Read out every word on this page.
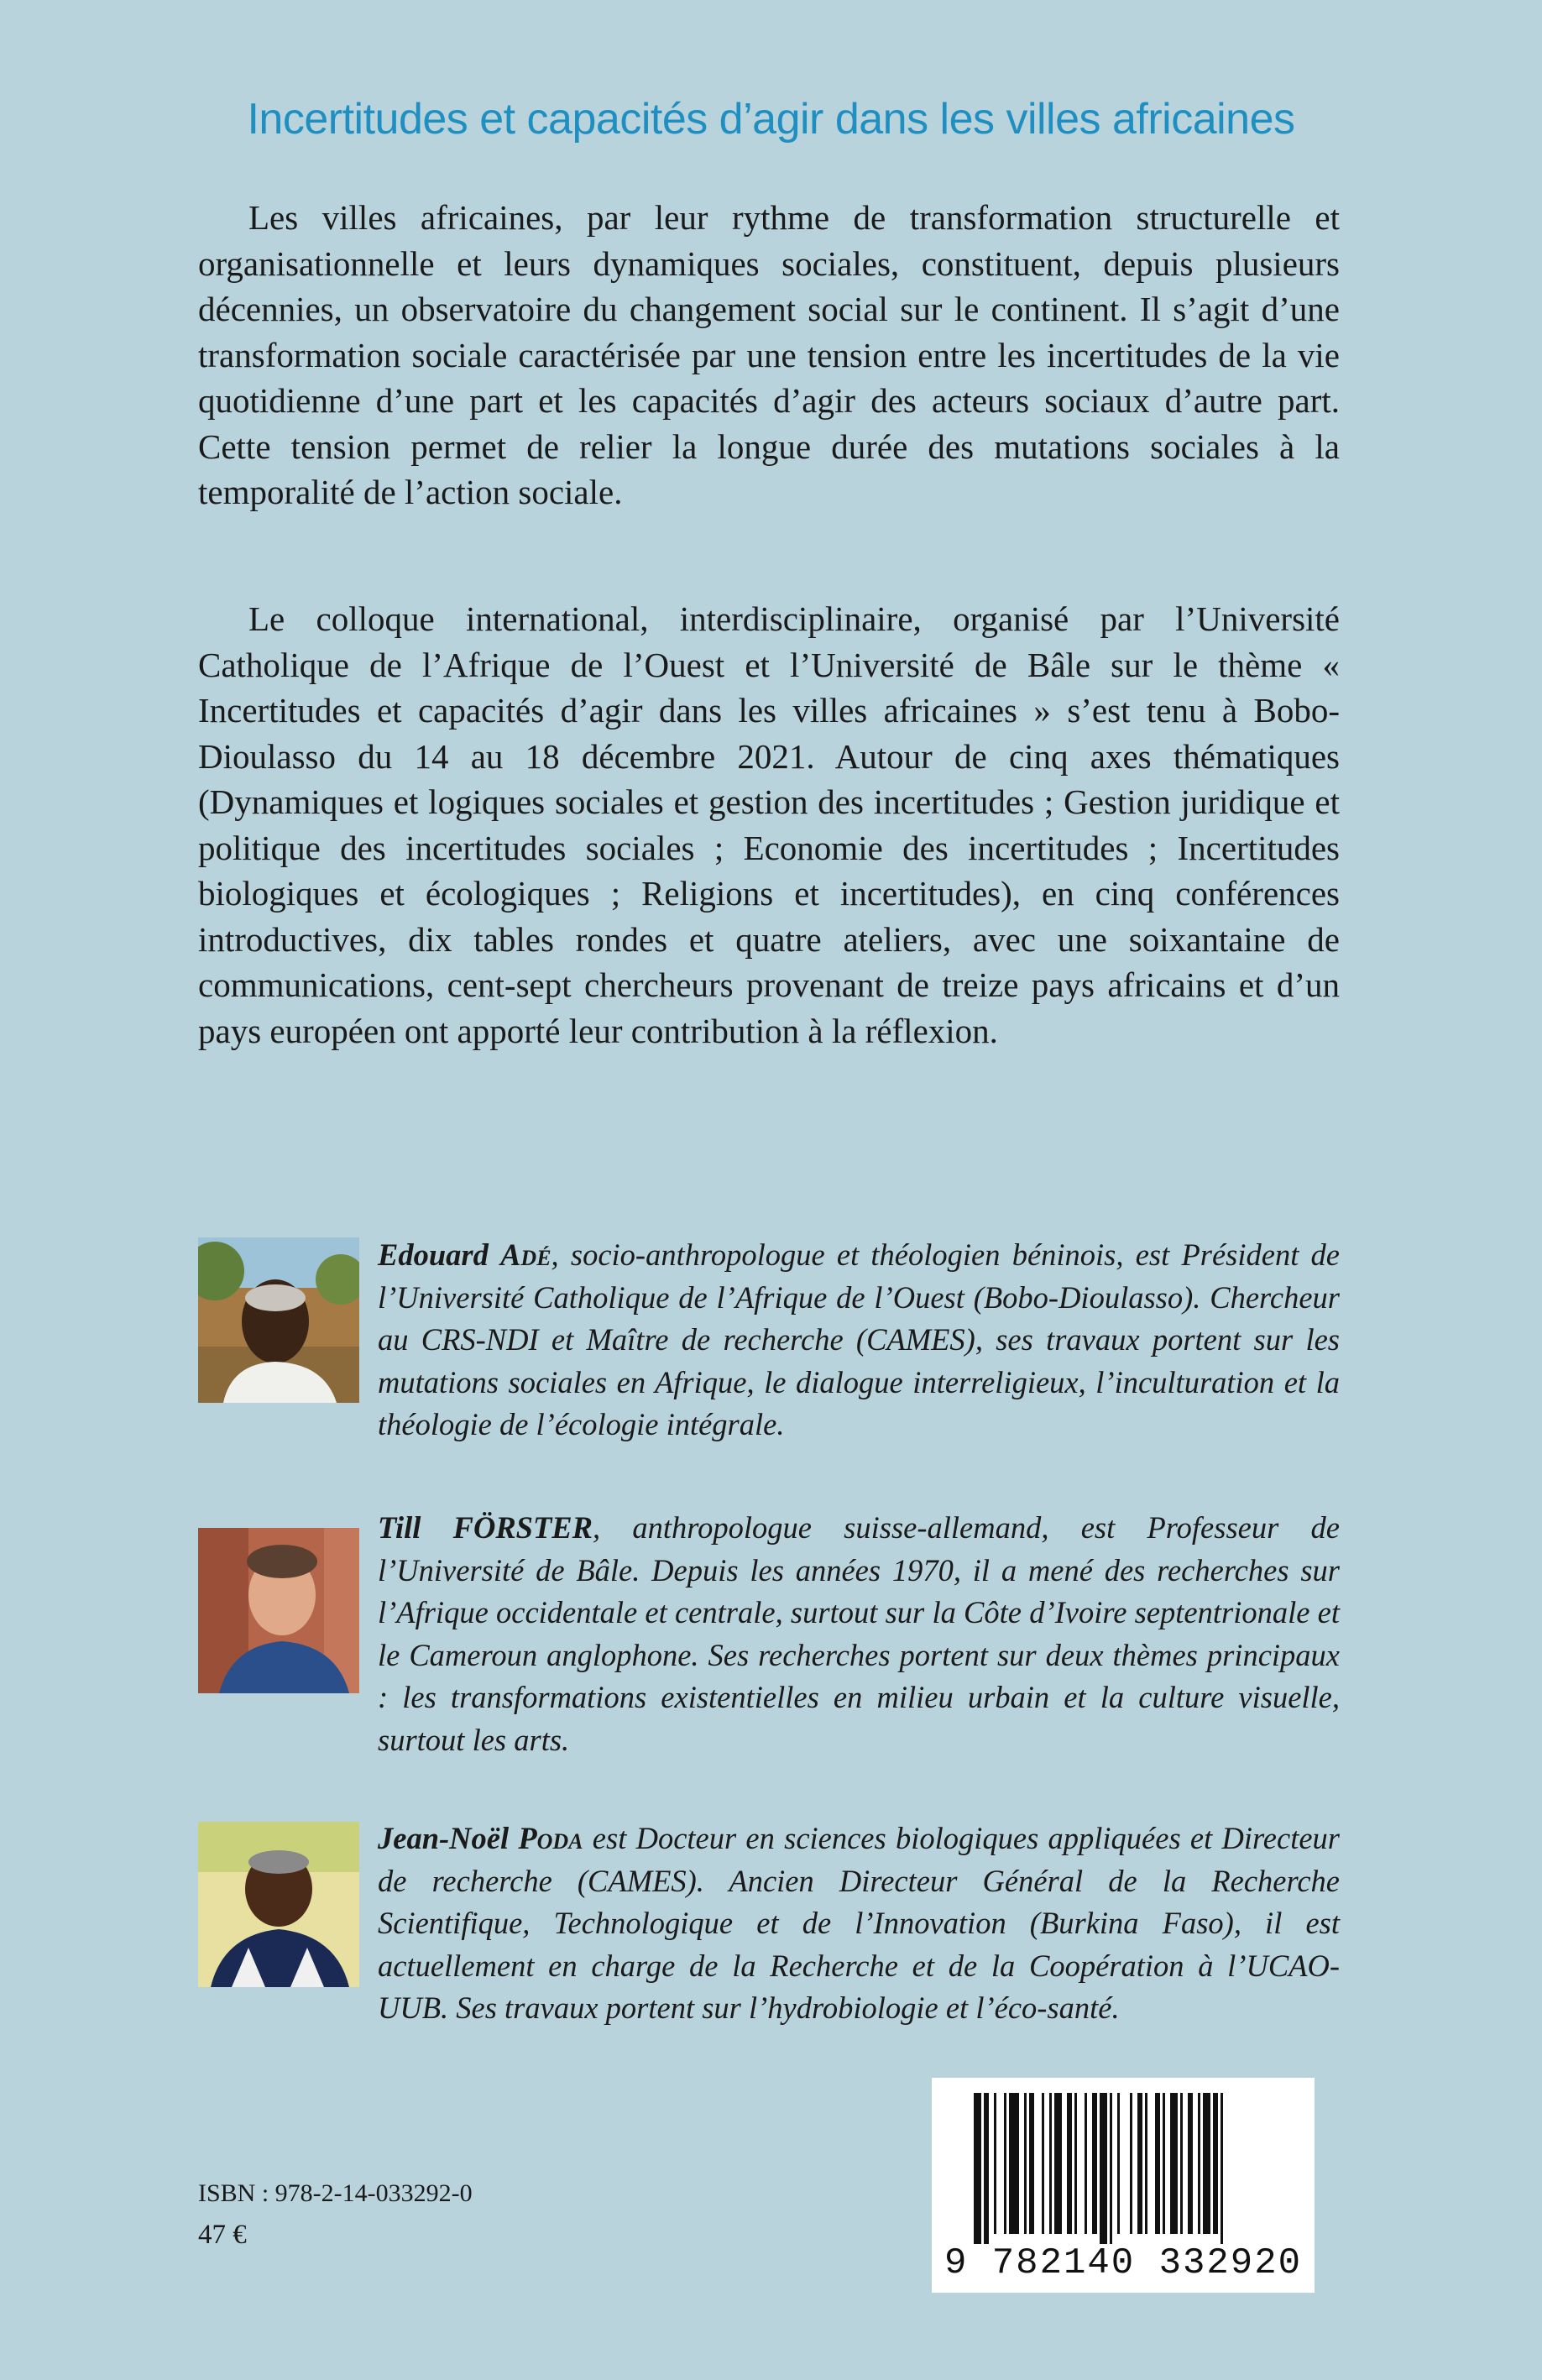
Incertitudes et capacités d’agir dans les villes africaines

Les villes africaines, par leur rythme de transformation structurelle et organisationnelle et leurs dynamiques sociales, constituent, depuis plusieurs décennies, un observatoire du changement social sur le continent. Il s’agit d’une transformation sociale caractérisée par une tension entre les incertitudes de la vie quotidienne d’une part et les capacités d’agir des acteurs sociaux d’autre part. Cette tension permet de relier la longue durée des mutations sociales à la temporalité de l’action sociale.

Le colloque international, interdisciplinaire, organisé par l’Université Catholique de l’Afrique de l’Ouest et l’Université de Bâle sur le thème « Incertitudes et capacités d’agir dans les villes africaines » s’est tenu à Bobo-Dioulasso du 14 au 18 décembre 2021. Autour de cinq axes thématiques (Dynamiques et logiques sociales et gestion des incertitudes ; Gestion juridique et politique des incertitudes sociales ; Economie des incertitudes ; Incertitudes biologiques et écologiques ; Religions et incertitudes), en cinq conférences introductives, dix tables rondes et quatre ateliers, avec une soixantaine de communications, cent-sept chercheurs provenant de treize pays africains et d’un pays européen ont apporté leur contribution à la réflexion.

Edouard Adé, socio-anthropologue et théologien béninois, est Président de l’Université Catholique de l’Afrique de l’Ouest (Bobo-Dioulasso). Chercheur au CRS-NDI et Maître de recherche (CAMES), ses travaux portent sur les mutations sociales en Afrique, le dialogue interreligieux, l’inculturation et la théologie de l’écologie intégrale.

Till FÖRSTER, anthropologue suisse-allemand, est Professeur de l’Université de Bâle. Depuis les années 1970, il a mené des recherches sur l’Afrique occidentale et centrale, surtout sur la Côte d’Ivoire septentrionale et le Cameroun anglophone. Ses recherches portent sur deux thèmes principaux : les transformations existentielles en milieu urbain et la culture visuelle, surtout les arts.

Jean-Noël Poda est Docteur en sciences biologiques appliquées et Directeur de recherche (CAMES). Ancien Directeur Général de la Recherche Scientifique, Technologique et de l’Innovation (Burkina Faso), il est actuellement en charge de la Recherche et de la Coopération à l’UCAO-UUB. Ses travaux portent sur l’hydrobiologie et l’éco-santé.

ISBN : 978-2-14-033292-0
47 €
9 782140 332920
